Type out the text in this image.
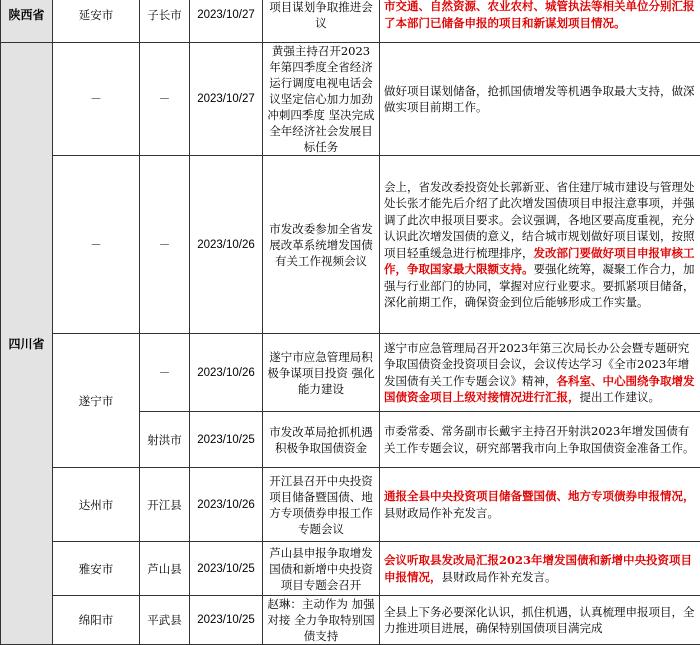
陕西省	延安市	子长市	2023/10/27	项目谋划争取推进会议	市交通、自然资源、农业农村、城管执法等相关单位分别汇报了本部门已储备申报的项目和新谋划项目情况。
四川省	－	－	2023/10/27	黄强主持召开2023年第四季度全省经济运行调度电视电话会议坚定信心加力加劲冲刺四季度 坚决完成全年经济社会发展目标任务	做好项目谋划储备，抢抓国债增发等机遇争取最大支持，做深做实项目前期工作。
	－	－	2023/10/26	市发改委参加全省发展改革系统增发国债有关工作视频会议	会上，省发改委投资处长郭新亚、省住建厅城市建设与管理处处长张才能先后介绍了此次增发国债项目申报注意事项，并强调了此次申报项目要求。会议强调，各地区要高度重视，充分认识此次增发国债的意义，结合城市规划做好项目谋划，按照项目轻重缓急进行梳理排序，发改部门要做好项目申报审核工作，争取国家最大限额支持。要强化统筹，凝聚工作合力，加强与行业部门的协同，掌握对应行业要求。要抓紧项目储备，深化前期工作，确保资金到位后能够形成工作实量。
	遂宁市	－	2023/10/26	遂宁市应急管理局积极争谋项目投资 强化能力建设	遂宁市应急管理局召开2023年第三次局长办公会暨专题研究争取国债资金投资项目会议，会议传达学习《全市2023年增发国债有关工作专题会议》精神，各科室、中心围绕争取增发国债资金项目上级对接情况进行汇报，提出工作建议。
		射洪市	2023/10/25	市发改革局抢抓机遇积极争取国债资金	市委常委、常务副市长戴宇主持召开射洪2023年增发国债有关工作专题会议，研究部署我市向上争取国债资金准备工作。
	达州市	开江县	2023/10/26	开江县召开中央投资项目储备暨国债、地方专项债券申报工作专题会议	通报全县中央投资项目储备暨国债、地方专项债券申报情况，县财政局作补充发言。
	雅安市	芦山县	2023/10/25	芦山县申报争取增发国债和新增中央投资项目专题会召开	会议听取县发改局汇报2023年增发国债和新增中央投资项目申报情况，县财政局作补充发言。
	绵阳市	平武县	2023/10/25	赵琳：主动作为 加强对接 全力争取特别国债支持	全县上下务必要深化认识，抓住机遇，认真梳理申报项目，全力推进项目进展，确保特别国债项目满完成
